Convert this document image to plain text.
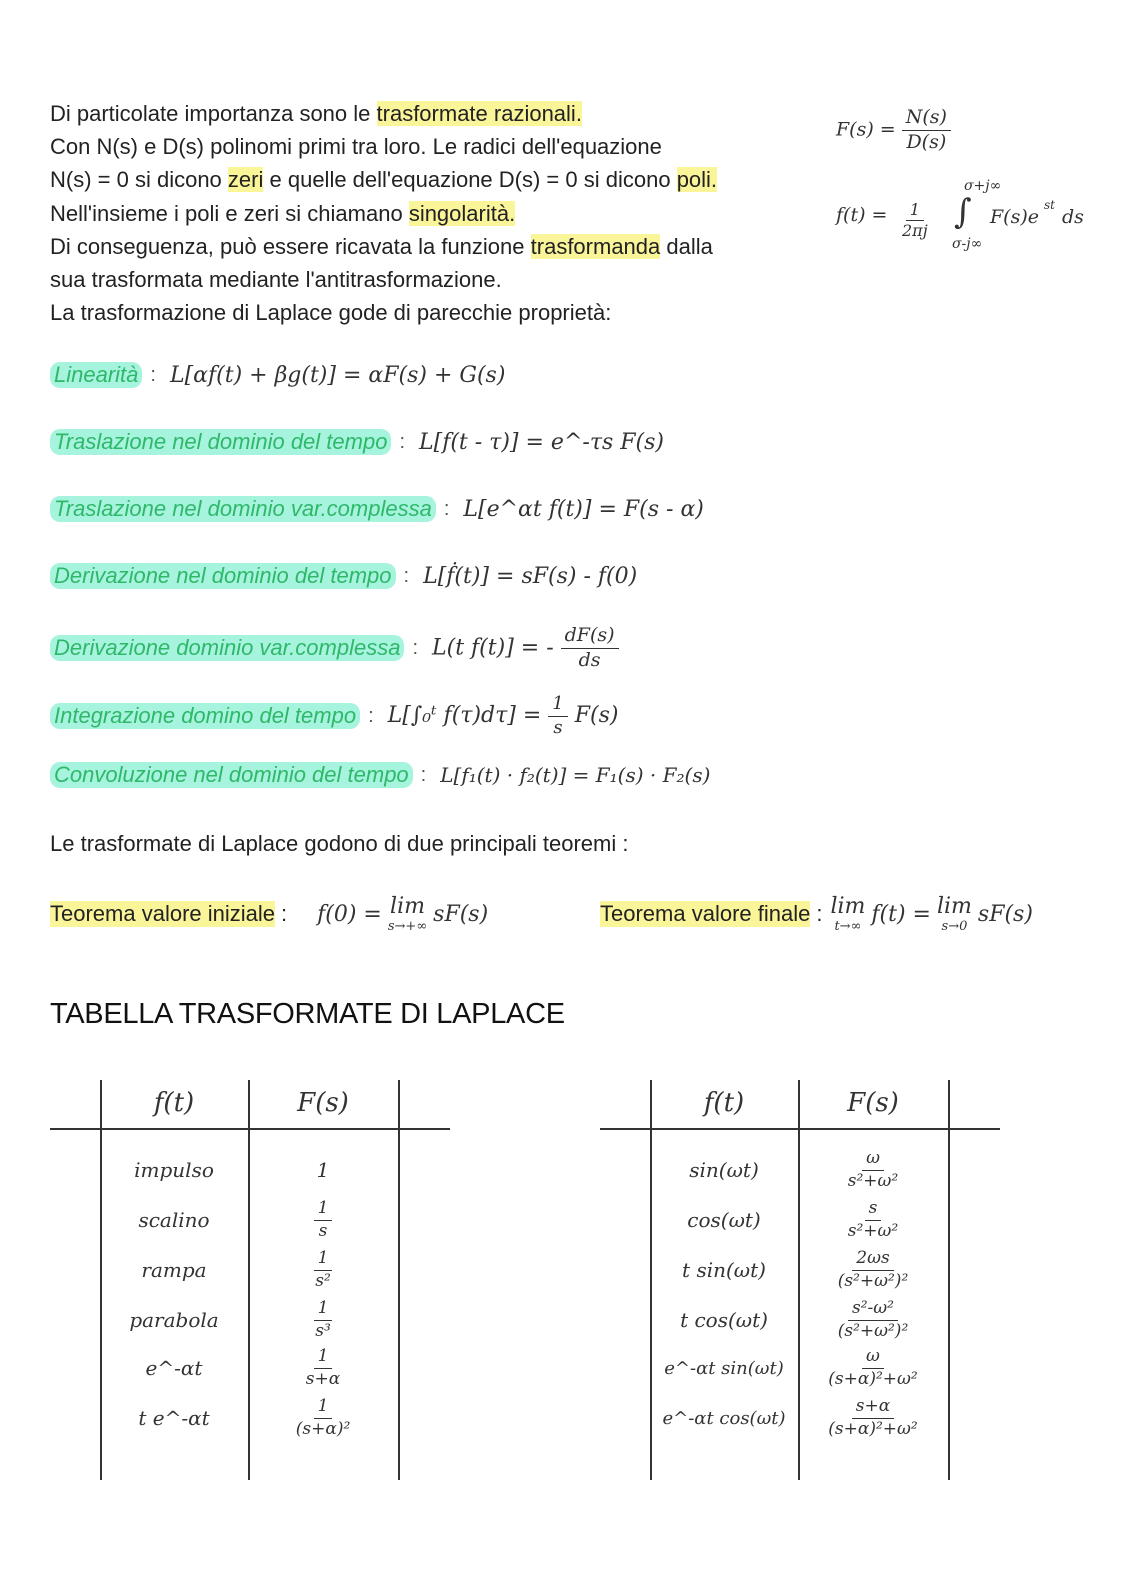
Di particolate importanza sono le trasformate razionali.
Con N(s) e D(s) polinomi primi tra loro. Le radici dell'equazione
N(s) = 0 si dicono zeri e quelle dell'equazione D(s) = 0 si dicono poli.
Nell'insieme i poli e zeri si chiamano singolarità.
Di conseguenza, può essere ricavata la funzione trasformanda dalla
sua trasformata mediante l'antitrasformazione.
La trasformazione di Laplace gode di parecchie proprietà:
$F(s) = \frac{N(s)}{D(s)}$
$f(t) = \frac{1}{2\pi j}$
σ+j∞
∫
σ-j∞
F(s)e
st
ds
Linearità : L[αf(t) + βg(t)] = αF(s) + G(s)
Traslazione nel dominio del tempo : L[f(t - τ)] = e^-τs F(s)
Traslazione nel dominio var.complessa : L[e^αt f(t)] = F(s - α)
Derivazione nel dominio del tempo : L[ḟ(t)] = sF(s) - f(0)
Derivazione dominio var.complessa : L(t f(t)] = - $\frac{dF(s)}{ds}$
Integrazione domino del tempo : L[∫₀ᵗ $f(\tau)d\tau] = \frac{1}{s} F(s)$
Convoluzione nel dominio del tempo : L[f₁(t) · f₂(t)] = F₁(s) · F₂(s)
Le trasformate di Laplace godono di due principali teoremi :
Teorema valore iniziale : f(0) = lim
s→+∞ sF(s)	Teorema valore finale : lim
t→∞ f(t) = lim
s→0 sF(s)
TABELLA TRASFORMATE DI LAPLACE
f(t)	F(s)
impulso	1
scalino	$\frac{1}{s}$
rampa	$\frac{1}{\text{s²}}$
parabola	$\frac{1}{\text{s³}}$
e^-αt	$\frac{1}{s+\alpha}$
t e^-αt	$\frac{1}{\text{(s+α)²}}$
f(t)	F(s)
sin(ωt)	$\frac{\omega}{\text{s²+ω²}}$
cos(ωt)	$\frac{s}{\text{s²+ω²}}$
t sin(ωt)	$\frac{2\omega s}{\text{(s²+ω²)²}}$
t cos(ωt)	$\frac{\text{s²-ω²}}{\text{(s²+ω²)²}}$
e^-αt sin(ωt)	$\frac{\omega}{\text{(s+α)²+ω²}}$
e^-αt cos(ωt)	$\frac{s+\alpha}{\text{(s+α)²+ω²}}$
